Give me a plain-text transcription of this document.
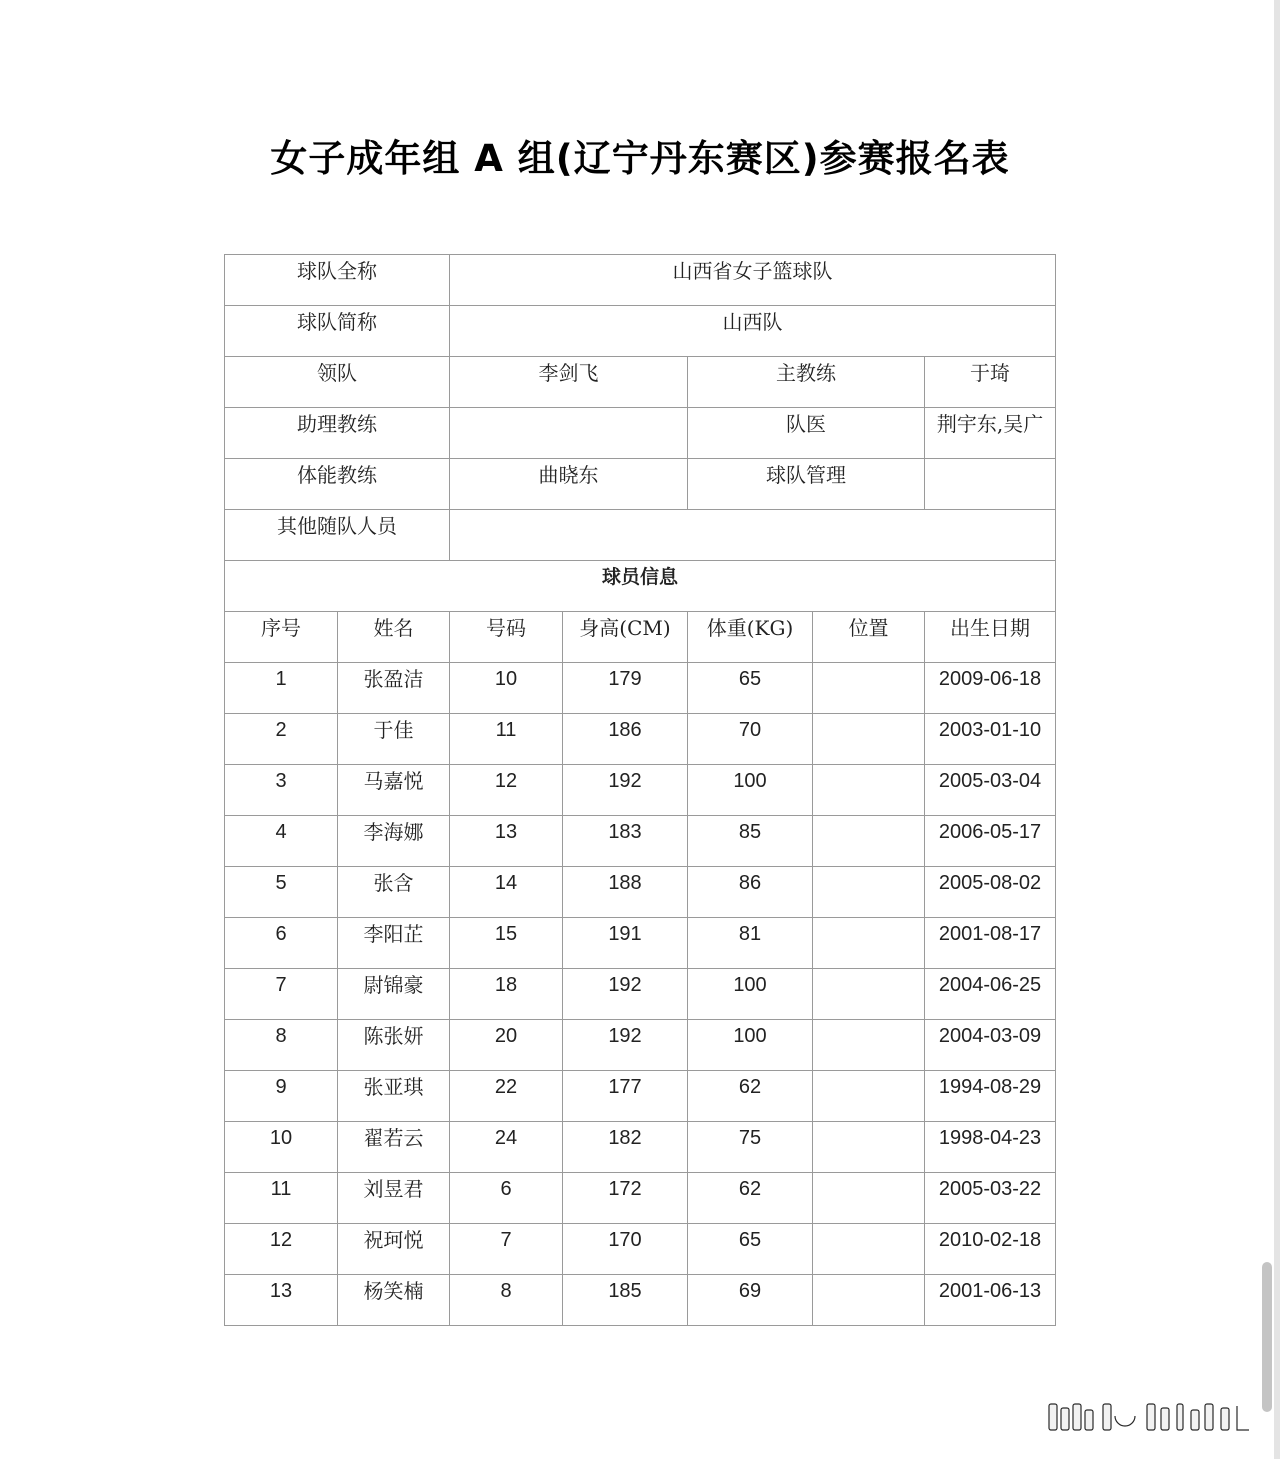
女子成年组 A 组(辽宁丹东赛区)参赛报名表
球队全称		山西省女子篮球队				
球队简称		山西队				
领队		李剑飞		主教练		于琦
助理教练				队医		荆宇东,吴广
体能教练		曲晓东		球队管理		
其他随队人员						
球员信息						
序号	姓名	号码	身高(CM)	体重(KG)	位置	出生日期
1	张盈洁	10	179	65		2009-06-18
2	于佳	11	186	70		2003-01-10
3	马嘉悦	12	192	100		2005-03-04
4	李海娜	13	183	85		2006-05-17
5	张含	14	188	86		2005-08-02
6	李阳芷	15	191	81		2001-08-17
7	尉锦豪	18	192	100		2004-06-25
8	陈张妍	20	192	100		2004-03-09
9	张亚琪	22	177	62		1994-08-29
10	翟若云	24	182	75		1998-04-23
11	刘昱君	6	172	62		2005-03-22
12	祝珂悦	7	170	65		2010-02-18
13	杨笑楠	8	185	69		2001-06-13
